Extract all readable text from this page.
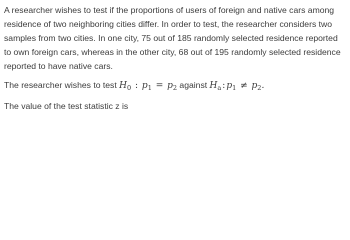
A researcher wishes to test if the proportions of users of foreign and native cars among residence of two neighboring cities differ. In order to test, the researcher considers two samples from two cities. In one city, 75 out of 185 randomly selected residence reported to own foreign cars, whereas in the other city, 68 out of 195 randomly selected residence reported to have native cars.

The researcher wishes to test $H_0$ : $p_1 = p_2$ against $H_a:p_1 \ne p_2$.

The value of the test statistic z is
